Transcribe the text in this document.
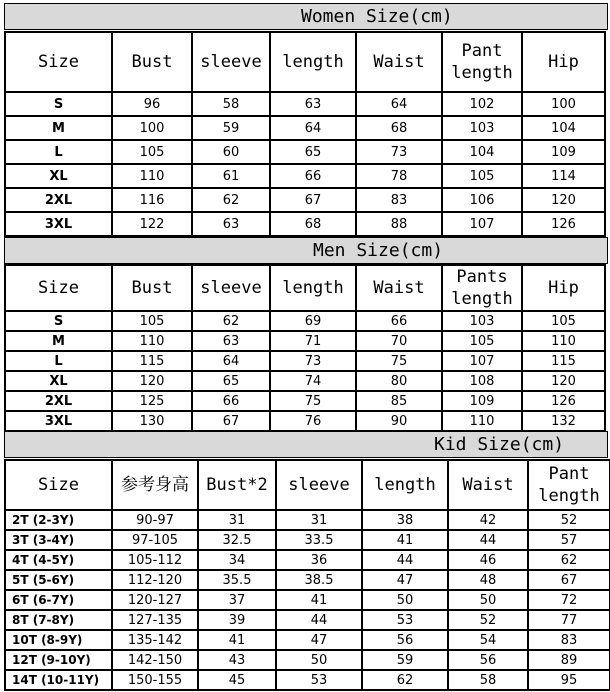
Women Size(cm)
Size	Bust	sleeve	length	Waist	Pant length	Hip
S	96	58	63	64	102	100
M	100	59	64	68	103	104
L	105	60	65	73	104	109
XL	110	61	66	78	105	114
2XL	116	62	67	83	106	120
3XL	122	63	68	88	107	126
Men Size(cm)
Size	Bust	sleeve	length	Waist	Pants length	Hip
S	105	62	69	66	103	105
M	110	63	71	70	105	110
L	115	64	73	75	107	115
XL	120	65	74	80	108	120
2XL	125	66	75	85	109	126
3XL	130	67	76	90	110	132
Kid Size(cm)
Size	参考身高	Bust*2	sleeve	length	Waist	Pant length
2T (2-3Y)	90-97	31	31	38	42	52
3T (3-4Y)	97-105	32.5	33.5	41	44	57
4T (4-5Y)	105-112	34	36	44	46	62
5T (5-6Y)	112-120	35.5	38.5	47	48	67
6T (6-7Y)	120-127	37	41	50	50	72
8T (7-8Y)	127-135	39	44	53	52	77
10T (8-9Y)	135-142	41	47	56	54	83
12T (9-10Y)	142-150	43	50	59	56	89
14T (10-11Y)	150-155	45	53	62	58	95
